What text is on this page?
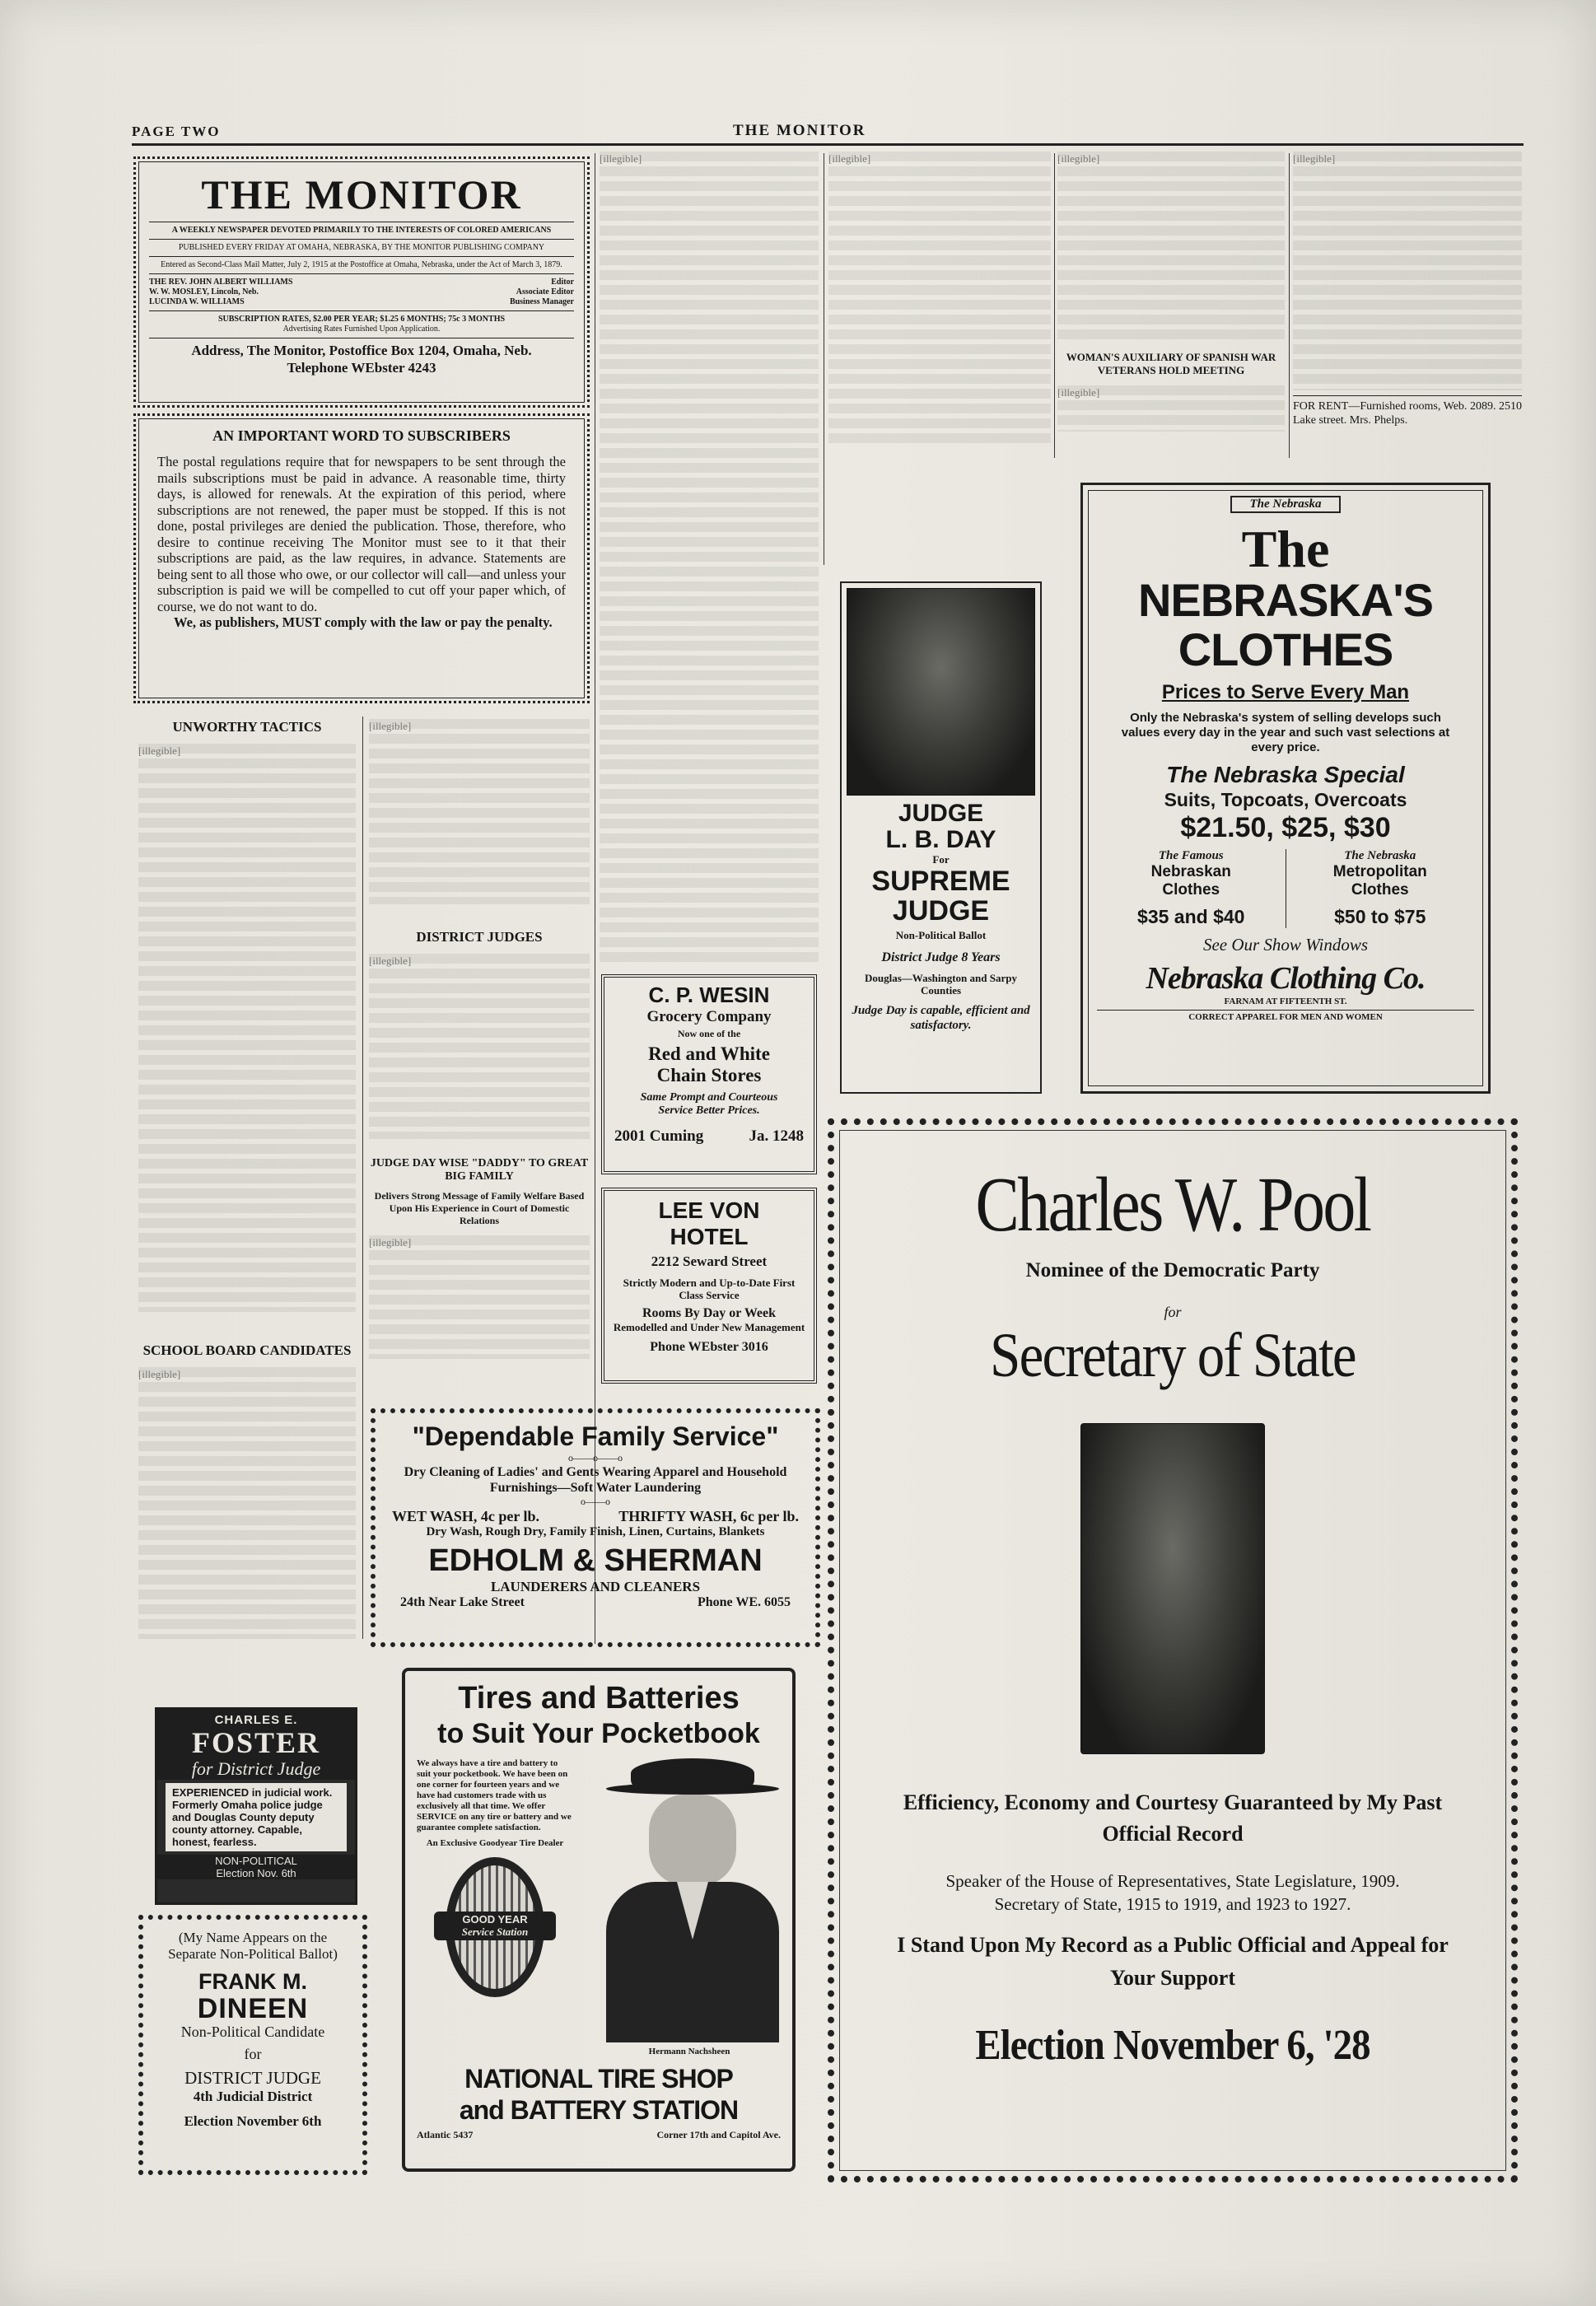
PAGE TWO	THE MONITOR
THE MONITOR
A WEEKLY NEWSPAPER DEVOTED PRIMARILY TO THE INTERESTS OF COLORED AMERICANS
PUBLISHED EVERY FRIDAY AT OMAHA, NEBRASKA, BY THE MONITOR PUBLISHING COMPANY
Entered as Second-Class Mail Matter, July 2, 1915 at the Postoffice at Omaha, Nebraska, under the Act of March 3, 1879.
THE REV. JOHN ALBERT WILLIAMS	Editor
W. W. MOSLEY, Lincoln, Neb.	Associate Editor
LUCINDA W. WILLIAMS	Business Manager
SUBSCRIPTION RATES, $2.00 PER YEAR; $1.25 6 MONTHS; 75c 3 MONTHS
Advertising Rates Furnished Upon Application.
Address, The Monitor, Postoffice Box 1204, Omaha, Neb.
Telephone WEbster 4243
AN IMPORTANT WORD TO SUBSCRIBERS
The postal regulations require that for newspapers to be sent through the mails subscriptions must be paid in advance. A reasonable time, thirty days, is allowed for renewals. At the expiration of this period, where subscriptions are not renewed, the paper must be stopped. If this is not done, postal privileges are denied the publication. Those, therefore, who desire to continue receiving The Monitor must see to it that their subscriptions are paid, as the law requires, in advance. Statements are being sent to all those who owe, or our collector will call—and unless your subscription is paid we will be compelled to cut off your paper which, of course, we do not want to do.
We, as publishers, MUST comply with the law or pay the penalty.
UNWORTHY TACTICS
[illegible]
SCHOOL BOARD CANDIDATES
[illegible]
[illegible]
DISTRICT JUDGES
[illegible]
JUDGE DAY WISE "DADDY" TO GREAT BIG FAMILY
Delivers Strong Message of Family Welfare Based Upon His Experience in Court of Domestic Relations
[illegible]
[illegible]	[illegible]	[illegible]
WOMAN'S AUXILIARY OF SPANISH WAR VETERANS HOLD MEETING
[illegible]
[illegible]
FOR RENT—Furnished rooms, Web. 2089. 2510 Lake street. Mrs. Phelps.
JUDGE
L. B. DAY
For
SUPREME
JUDGE
Non-Political Ballot
District Judge 8 Years
Douglas—Washington and Sarpy Counties
Judge Day is capable, efficient and satisfactory.
The Nebraska
The
NEBRASKA'S
CLOTHES
Prices to Serve Every Man
Only the Nebraska's system of selling develops such values every day in the year and such vast selections at every price.
The Nebraska Special
Suits, Topcoats, Overcoats
$21.50, $25, $30
The Famous
Nebraskan Clothes
$35 and $40
The Nebraska
Metropolitan Clothes
$50 to $75
See Our Show Windows
Nebraska Clothing Co.
FARNAM AT FIFTEENTH ST.
CORRECT APPAREL FOR MEN AND WOMEN
C. P. WESIN
Grocery Company
Now one of the
Red and White
Chain Stores
Same Prompt and Courteous Service Better Prices.
2001 Cuming	Ja. 1248
LEE VON HOTEL
2212 Seward Street
Strictly Modern and Up-to-Date First Class Service
Rooms By Day or Week
Remodelled and Under New Management
Phone WEbster 3016
"Dependable Family Service"
o——o——o
Dry Cleaning of Ladies' and Gents Wearing Apparel and Household Furnishings—Soft Water Laundering
o——o
WET WASH, 4c per lb.	THRIFTY WASH, 6c per lb.
Dry Wash, Rough Dry, Family Finish, Linen, Curtains, Blankets
EDHOLM & SHERMAN
LAUNDERERS AND CLEANERS
24th Near Lake Street	Phone WE. 6055
CHARLES E.
FOSTER
for District Judge
EXPERIENCED in judicial work. Formerly Omaha police judge and Douglas County deputy county attorney. Capable, honest, fearless.
NON-POLITICAL
Election Nov. 6th
(My Name Appears on the Separate Non-Political Ballot)
FRANK M.
DINEEN
Non-Political Candidate
for
DISTRICT JUDGE
4th Judicial District
Election November 6th
Tires and Batteries
to Suit Your Pocketbook
We always have a tire and battery to suit your pocketbook. We have been on one corner for fourteen years and we have had customers trade with us exclusively all that time. We offer SERVICE on any tire or battery and we guarantee complete satisfaction.
An Exclusive Goodyear Tire Dealer
GOOD YEAR
Service Station
Hermann Nachsheen
NATIONAL TIRE SHOP
and BATTERY STATION
Atlantic 5437	Corner 17th and Capitol Ave.
Charles W. Pool
Nominee of the Democratic Party
for
Secretary of State
Efficiency, Economy and Courtesy Guaranteed by My Past Official Record
Speaker of the House of Representatives, State Legislature, 1909.
Secretary of State, 1915 to 1919, and 1923 to 1927.
I Stand Upon My Record as a Public Official and Appeal for Your Support
Election November 6, '28
